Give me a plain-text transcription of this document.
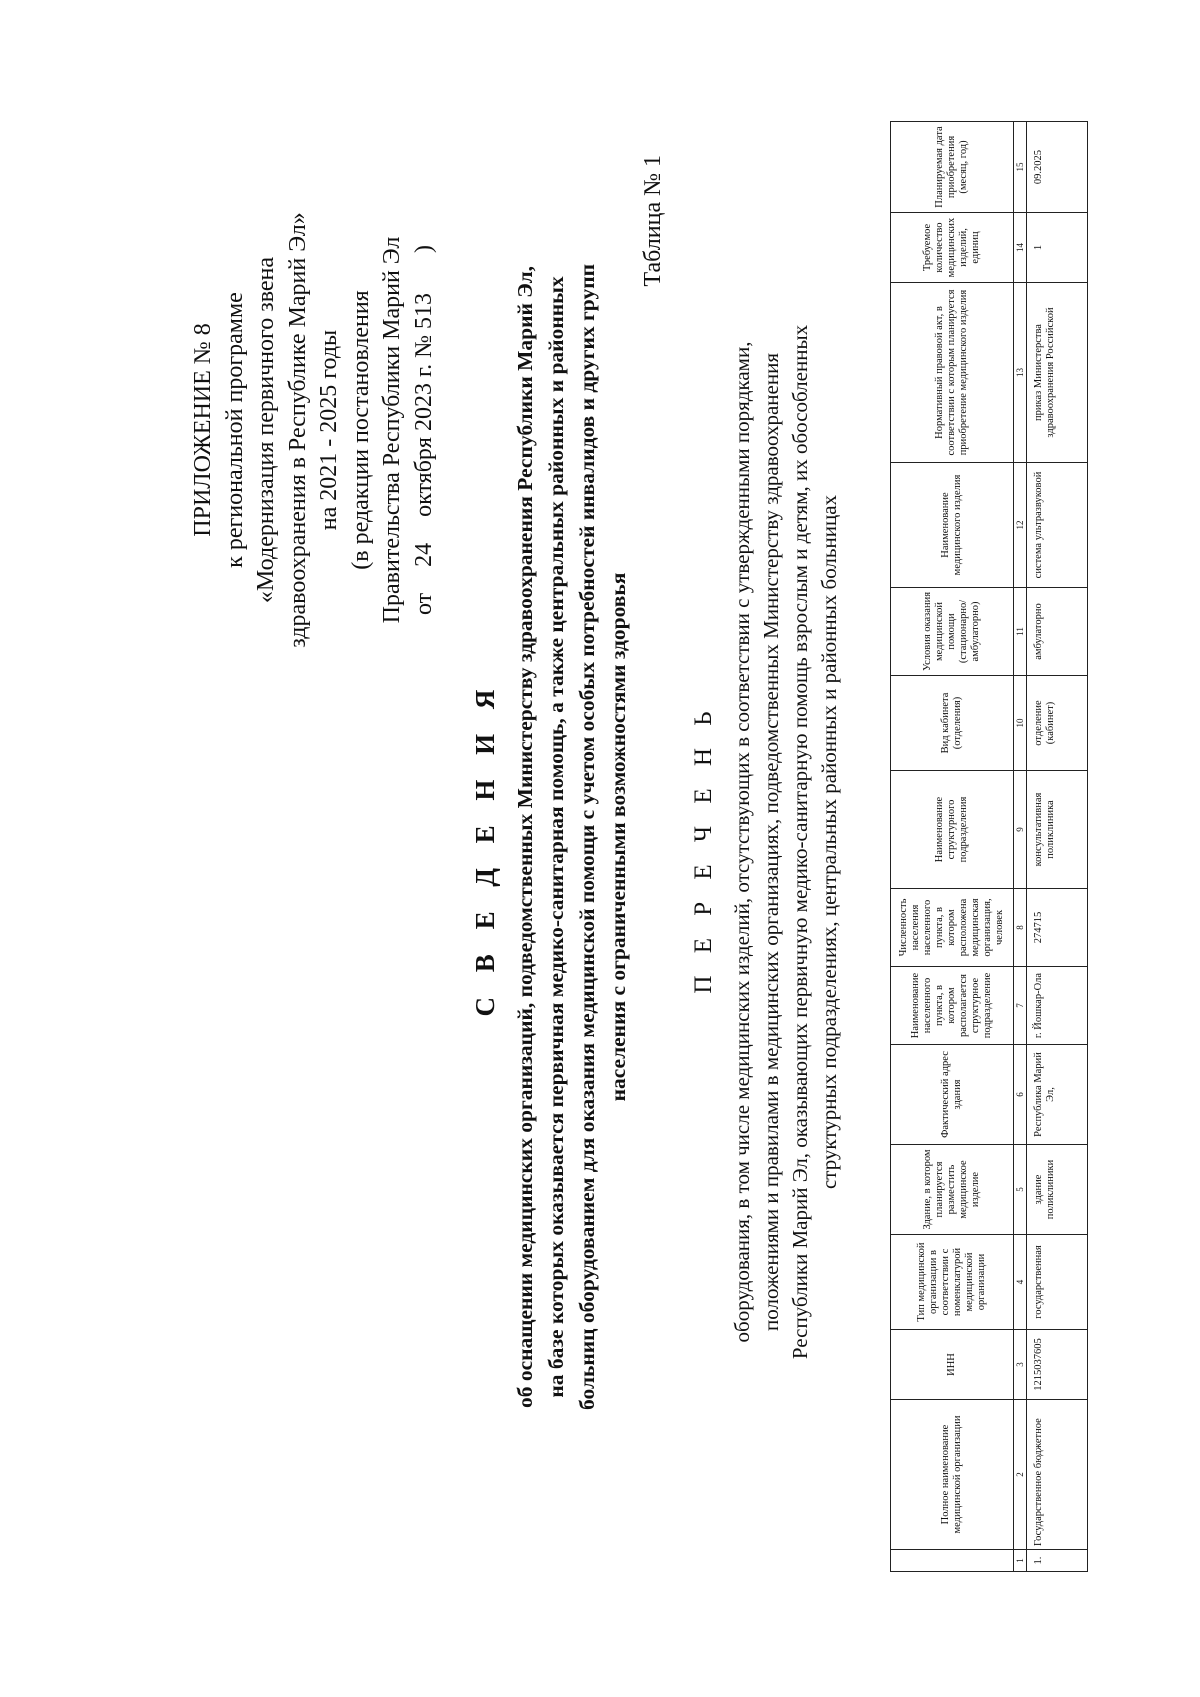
ПРИЛОЖЕНИЕ № 8 к региональной программе «Модернизация первичного звена здравоохранения в Республике Марий Эл» на 2021 - 2025 годы (в редакции постановления Правительства Республики Марий Эл от  24  октября 2023 г. № 513  )
С В Е Д Е Н И Я об оснащении медицинских организаций, подведомственных Министерству здравоохранения Республики Марий Эл, на базе которых оказывается первичная медико-санитарная помощь, а также центральных районных и районных больниц оборудованием для оказания медицинской помощи с учетом особых потребностей инвалидов и других групп населения с ограниченными возможностями здоровья
Таблица № 1
П Е Р Е Ч Е Н Ь оборудования, в том числе медицинских изделий, отсутствующих в соответствии с утвержденными порядками, положениями и правилами в медицинских организациях, подведомственных Министерству здравоохранения Республики Марий Эл, оказывающих первичную медико-санитарную помощь взрослым и детям, их обособленных структурных подразделениях, центральных районных и районных больницах
	Полное наименование медицинской организации	ИНН	Тип медицинской организации в соответствии с номенклатурой медицинской организации	Здание, в котором планируется разместить медицинское изделие	Фактический адрес здания	Наименование населенного пункта, в котором располагается структурное подразделение	Численность населения населенного пункта, в котором расположена медицинская организация, человек	Наименование структурного подразделения	Вид кабинета (отделения)	Условия оказания медицинской помощи (стационарно/ амбулаторно)	Наименование медицинского изделия	Нормативный правовой акт, в соответствии с которым планируется приобретение медицинского изделия	Требуемое количество медицинских изделий, единиц	Планируемая дата приобретения (месяц, год)
1	2	3	4	5	6	7	8	9	10	11	12	13	14	15
1.	Государственное бюджетное	1215037605	государственная	здание поликлиники	Республика Марий Эл,	г. Йошкар-Ола	274715	консультативная поликлиника	отделение (кабинет)	амбулаторно	система ультразвуковой	приказ Министерства здравоохранения Российской	1	09.2025
